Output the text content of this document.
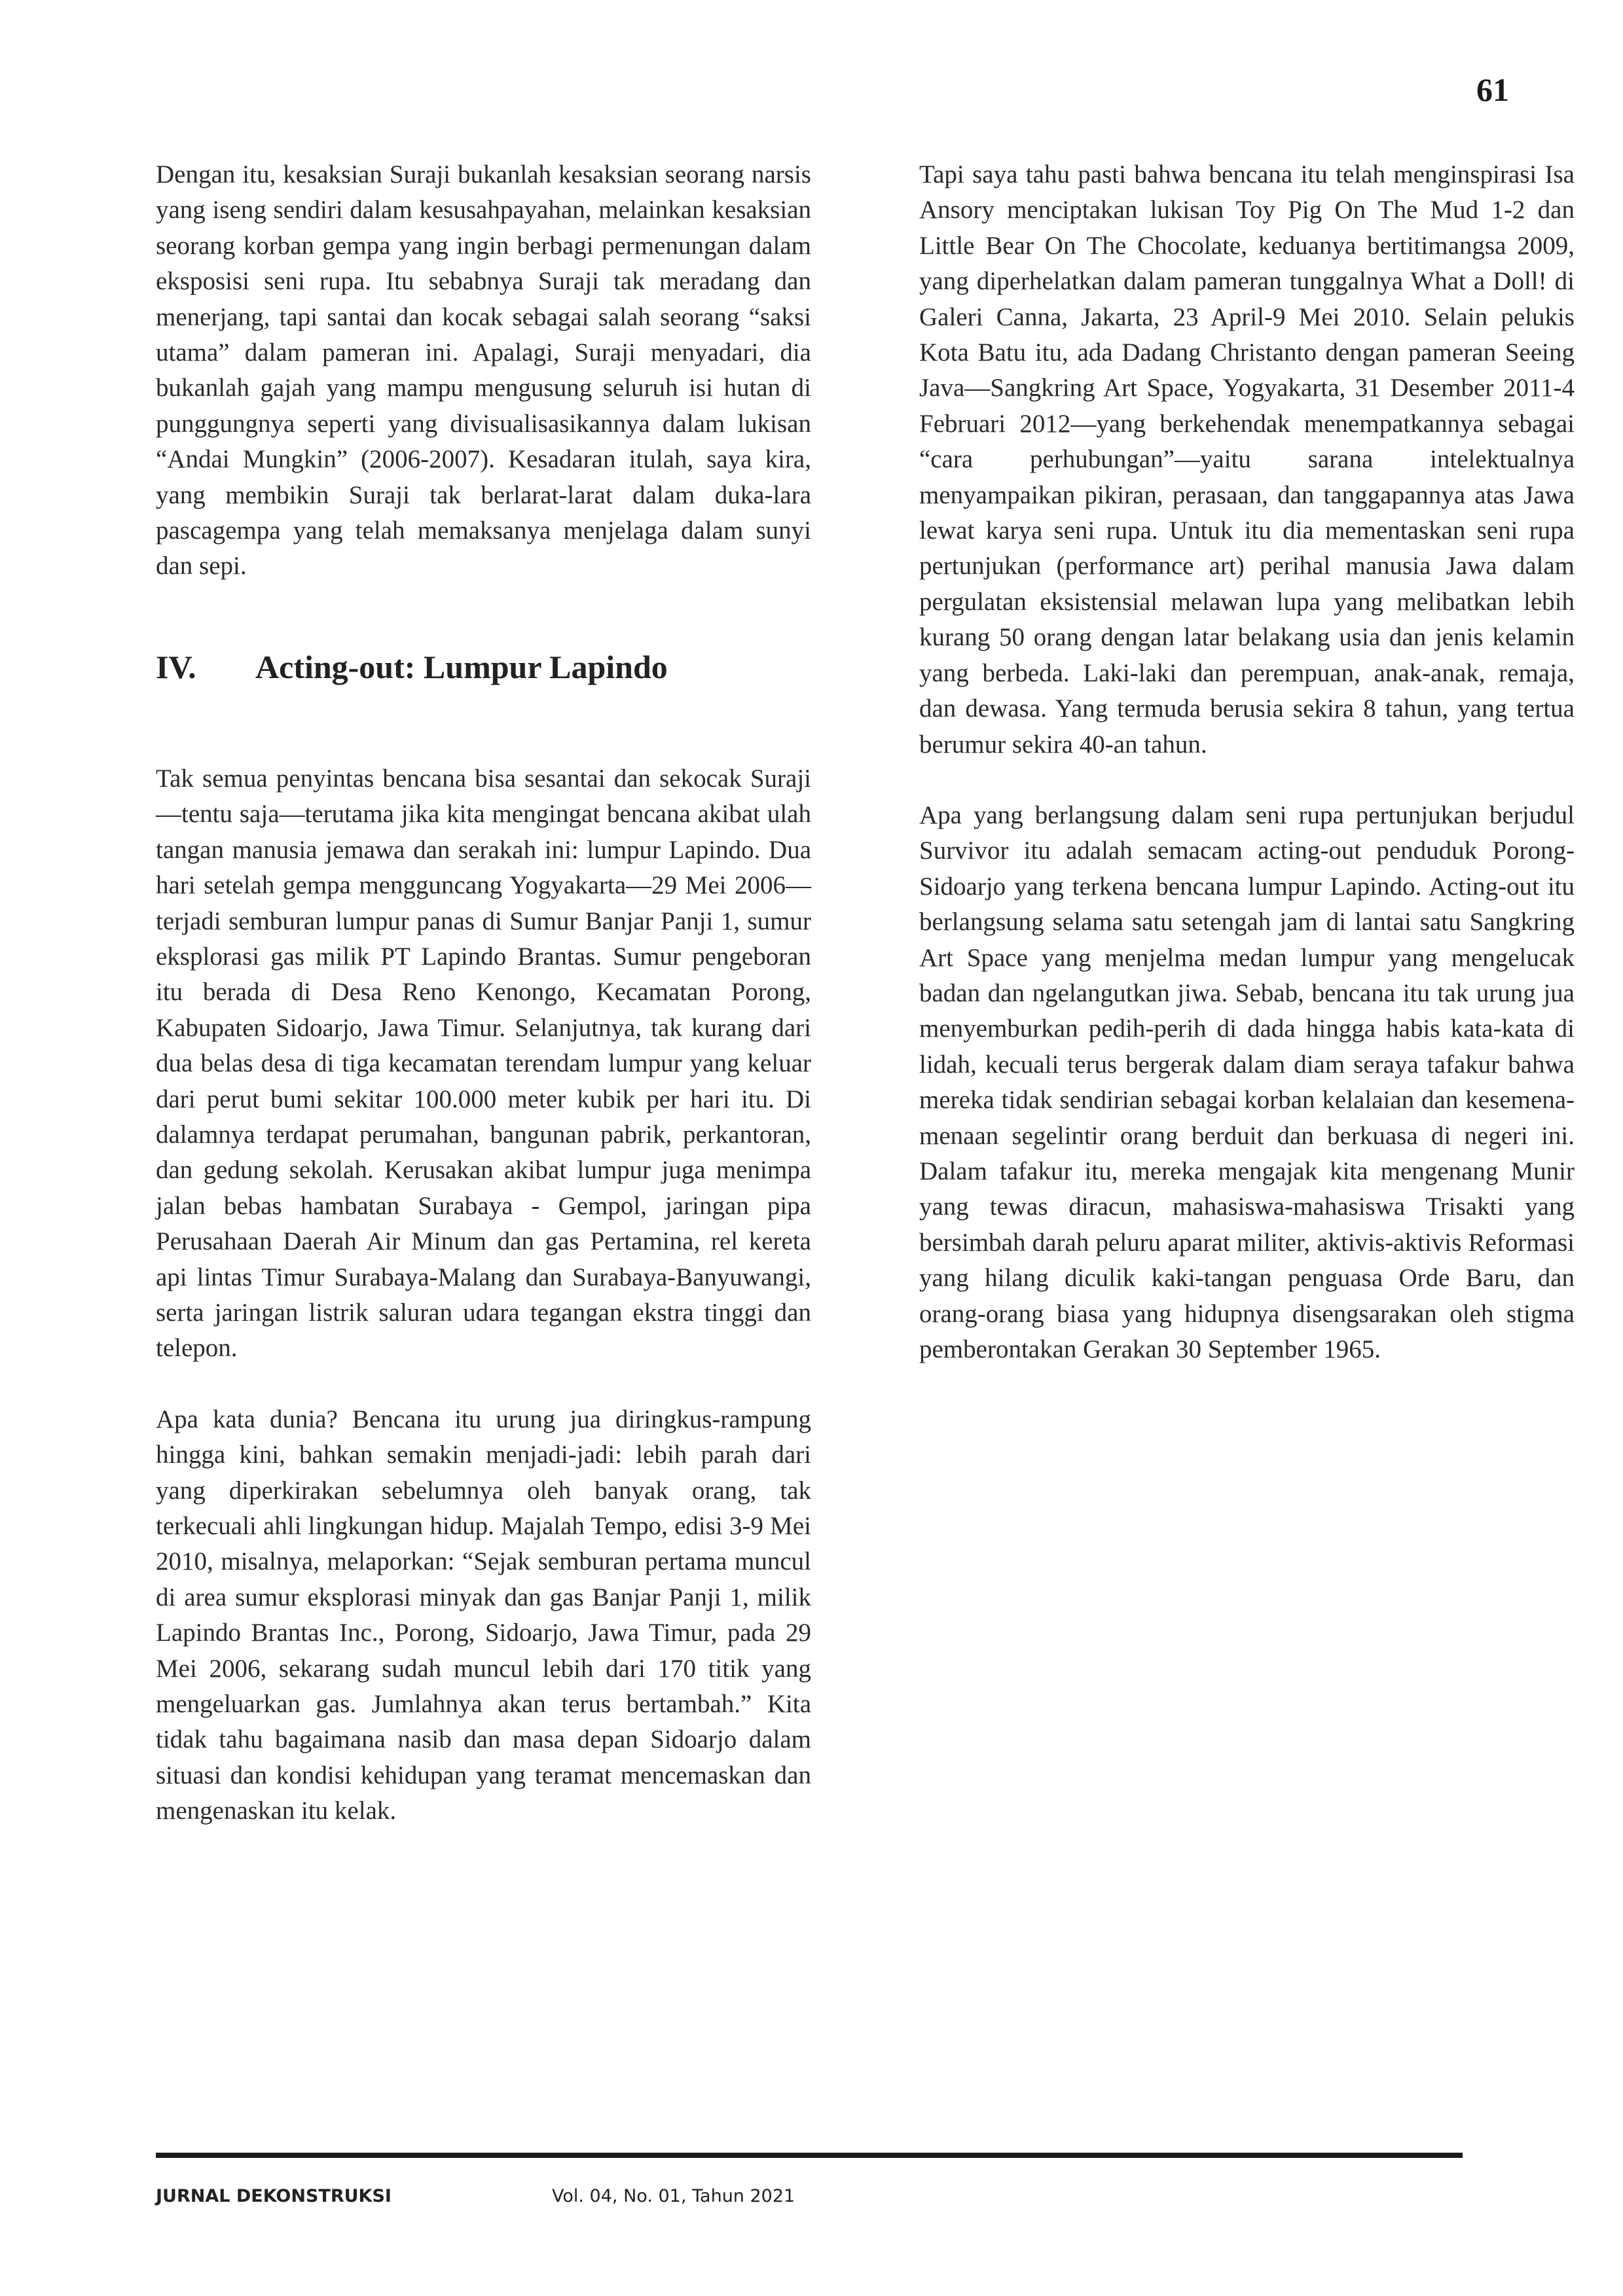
61

Dengan itu, kesaksian Suraji bukanlah kesaksian seorang narsis yang iseng sendiri dalam kesusahpayahan, melainkan kesaksian seorang korban gempa yang ingin berbagi permenungan dalam eksposisi seni rupa. Itu sebabnya Suraji tak meradang dan menerjang, tapi santai dan kocak sebagai salah seorang “saksi utama” dalam pameran ini. Apalagi, Suraji menyadari, dia bukanlah gajah yang mampu mengusung seluruh isi hutan di punggungnya seperti yang divisualisasikannya dalam lukisan “Andai Mungkin” (2006-2007). Kesadaran itulah, saya kira, yang membikin Suraji tak berlarat-larat dalam duka-lara pascagempa yang telah memaksanya menjelaga dalam sunyi dan sepi.

IV.	Acting-out: Lumpur Lapindo

Tak semua penyintas bencana bisa sesantai dan sekocak Suraji—tentu saja—terutama jika kita mengingat bencana akibat ulah tangan manusia jemawa dan serakah ini: lumpur Lapindo. Dua hari setelah gempa mengguncang Yogyakarta—29 Mei 2006—terjadi semburan lumpur panas di Sumur Banjar Panji 1, sumur eksplorasi gas milik PT Lapindo Brantas. Sumur pengeboran itu berada di Desa Reno Kenongo, Kecamatan Porong, Kabupaten Sidoarjo, Jawa Timur. Selanjutnya, tak kurang dari dua belas desa di tiga kecamatan terendam lumpur yang keluar dari perut bumi sekitar 100.000 meter kubik per hari itu. Di dalamnya terdapat perumahan, bangunan pabrik, perkantoran, dan gedung sekolah. Kerusakan akibat lumpur juga menimpa jalan bebas hambatan Surabaya - Gempol, jaringan pipa Perusahaan Daerah Air Minum dan gas Pertamina, rel kereta api lintas Timur Surabaya-Malang dan Surabaya-Banyuwangi, serta jaringan listrik saluran udara tegangan ekstra tinggi dan telepon.

Apa kata dunia? Bencana itu urung jua diringkus-rampung hingga kini, bahkan semakin menjadi-jadi: lebih parah dari yang diperkirakan sebelumnya oleh banyak orang, tak terkecuali ahli lingkungan hidup. Majalah Tempo, edisi 3-9 Mei 2010, misalnya, melaporkan: “Sejak semburan pertama muncul di area sumur eksplorasi minyak dan gas Banjar Panji 1, milik Lapindo Brantas Inc., Porong, Sidoarjo, Jawa Timur, pada 29 Mei 2006, sekarang sudah muncul lebih dari 170 titik yang mengeluarkan gas. Jumlahnya akan terus bertambah.” Kita tidak tahu bagaimana nasib dan masa depan Sidoarjo dalam situasi dan kondisi kehidupan yang teramat mencemaskan dan mengenaskan itu kelak.

Tapi saya tahu pasti bahwa bencana itu telah menginspirasi Isa Ansory menciptakan lukisan Toy Pig On The Mud 1-2 dan Little Bear On The Chocolate, keduanya bertitimangsa 2009, yang diperhelatkan dalam pameran tunggalnya What a Doll! di Galeri Canna, Jakarta, 23 April-9 Mei 2010. Selain pelukis Kota Batu itu, ada Dadang Christanto dengan pameran Seeing Java—Sangkring Art Space, Yogyakarta, 31 Desember 2011-4 Februari 2012—yang berkehendak menempatkannya sebagai “cara perhubungan”—yaitu sarana intelektualnya menyampaikan pikiran, perasaan, dan tanggapannya atas Jawa lewat karya seni rupa. Untuk itu dia mementaskan seni rupa pertunjukan (performance art) perihal manusia Jawa dalam pergulatan eksistensial melawan lupa yang melibatkan lebih kurang 50 orang dengan latar belakang usia dan jenis kelamin yang berbeda. Laki-laki dan perempuan, anak-anak, remaja, dan dewasa. Yang termuda berusia sekira 8 tahun, yang tertua berumur sekira 40-an tahun.

Apa yang berlangsung dalam seni rupa pertunjukan berjudul Survivor itu adalah semacam acting-out penduduk Porong-Sidoarjo yang terkena bencana lumpur Lapindo. Acting-out itu berlangsung selama satu setengah jam di lantai satu Sangkring Art Space yang menjelma medan lumpur yang mengelucak badan dan ngelangutkan jiwa. Sebab, bencana itu tak urung jua menyemburkan pedih-perih di dada hingga habis kata-kata di lidah, kecuali terus bergerak dalam diam seraya tafakur bahwa mereka tidak sendirian sebagai korban kelalaian dan kesemena-menaan segelintir orang berduit dan berkuasa di negeri ini. Dalam tafakur itu, mereka mengajak kita mengenang Munir yang tewas diracun, mahasiswa-mahasiswa Trisakti yang bersimbah darah peluru aparat militer, aktivis-aktivis Reformasi yang hilang diculik kaki-tangan penguasa Orde Baru, dan orang-orang biasa yang hidupnya disengsarakan oleh stigma pemberontakan Gerakan 30 September 1965.

JURNAL DEKONSTRUKSI	Vol. 04, No. 01, Tahun 2021
